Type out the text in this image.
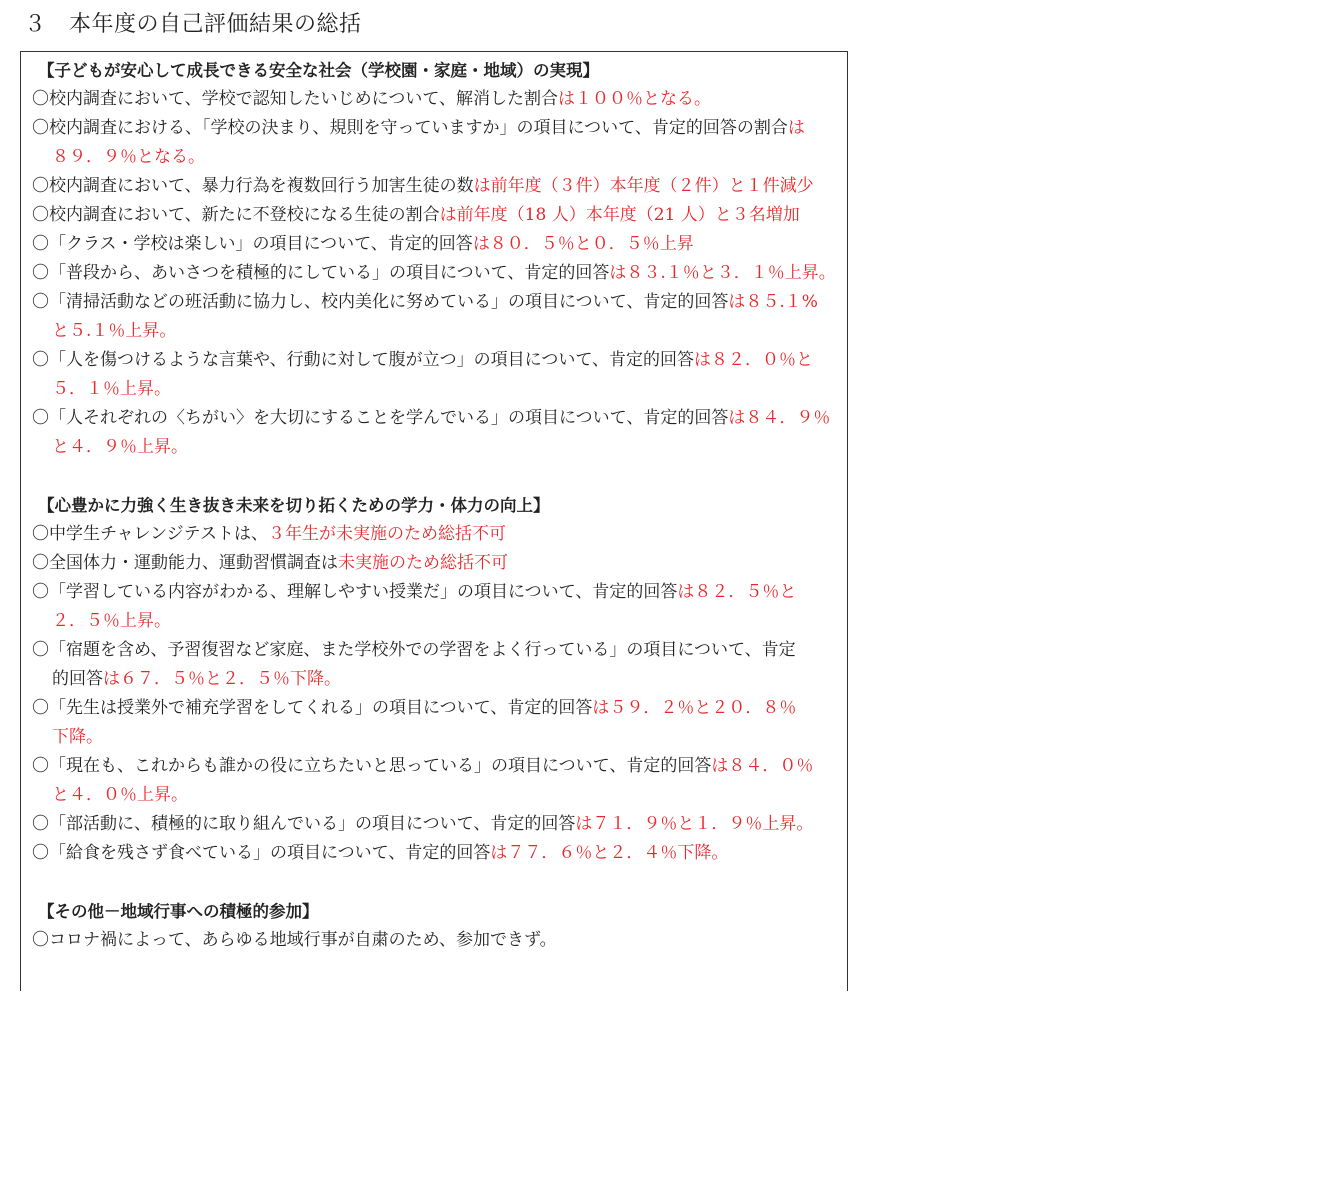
３　本年度の自己評価結果の総括
【子どもが安心して成長できる安全な社会（学校園・家庭・地域）の実現】
〇校内調査において、学校で認知したいじめについて、解消した割合は１００％となる。
〇校内調査における、「学校の決まり、規則を守っていますか」の項目について、肯定的回答の割合は
８９．９％となる。
〇校内調査において、暴力行為を複数回行う加害生徒の数は前年度（３件）本年度（２件）と１件減少
〇校内調査において、新たに不登校になる生徒の割合は前年度（18 人）本年度（21 人）と３名増加
〇「クラス・学校は楽しい」の項目について、肯定的回答は８０．５％と０．５％上昇
〇「普段から、あいさつを積極的にしている」の項目について、肯定的回答は８３.１％と３．１％上昇。
〇「清掃活動などの班活動に協力し、校内美化に努めている」の項目について、肯定的回答は８５.１%
と５.１％上昇。
〇「人を傷つけるような言葉や、行動に対して腹が立つ」の項目について、肯定的回答は８２．０％と
５．１％上昇。
〇「人それぞれの〈ちがい〉を大切にすることを学んでいる」の項目について、肯定的回答は８４．９％
と４．９％上昇。
【心豊かに力強く生き抜き未来を切り拓くための学力・体力の向上】
〇中学生チャレンジテストは、３年生が未実施のため総括不可
〇全国体力・運動能力、運動習慣調査は未実施のため総括不可
〇「学習している内容がわかる、理解しやすい授業だ」の項目について、肯定的回答は８２．５％と
２．５％上昇。
〇「宿題を含め、予習復習など家庭、また学校外での学習をよく行っている」の項目について、肯定
的回答は６７．５％と２．５％下降。
〇「先生は授業外で補充学習をしてくれる」の項目について、肯定的回答は５９．２％と２０．８％
下降。
〇「現在も、これからも誰かの役に立ちたいと思っている」の項目について、肯定的回答は８４．０％
と４．０％上昇。
〇「部活動に、積極的に取り組んでいる」の項目について、肯定的回答は７１．９％と１．９％上昇。
〇「給食を残さず食べている」の項目について、肯定的回答は７７．６％と２．４％下降。
【その他－地域行事への積極的参加】
〇コロナ禍によって、あらゆる地域行事が自粛のため、参加できず。
